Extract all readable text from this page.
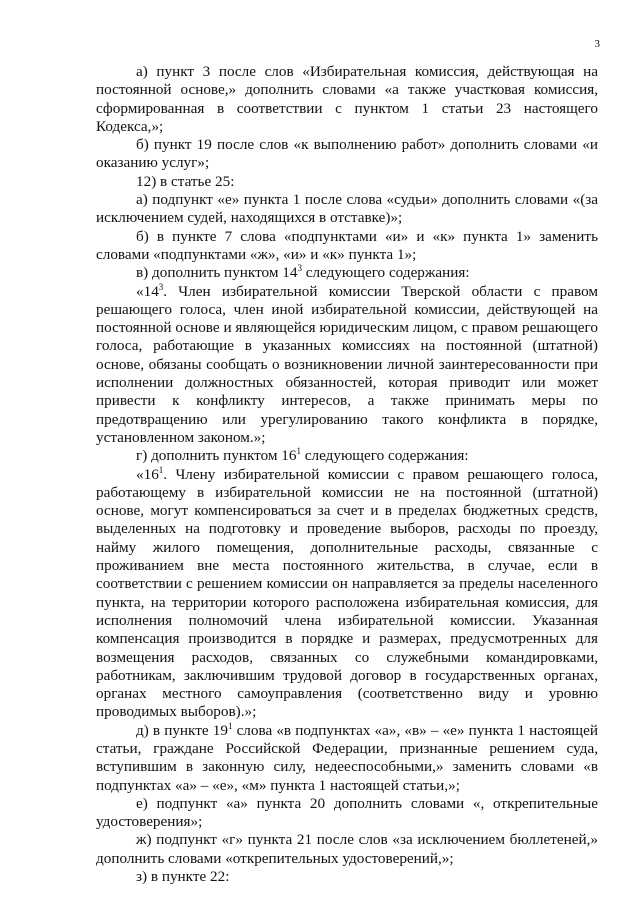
3

а) пункт 3 после слов «Избирательная комиссия, действующая на постоянной основе,» дополнить словами «а также участковая комиссия, сформированная в соответствии с пунктом 1 статьи 23 настоящего Кодекса,»;

б) пункт 19 после слов «к выполнению работ» дополнить словами «и оказанию услуг»;

12) в статье 25:

а) подпункт «е» пункта 1 после слова «судьи» дополнить словами «(за исключением судей, находящихся в отставке)»;

б) в пункте 7 слова «подпунктами «и» и «к» пункта 1» заменить словами «подпунктами «ж», «и» и «к» пункта 1»;

в) дополнить пунктом $14^3$ следующего содержания:

«$14^3$. Член избирательной комиссии Тверской области с правом решающего голоса, член иной избирательной комиссии, действующей на постоянной основе и являющейся юридическим лицом, с правом решающего голоса, работающие в указанных комиссиях на постоянной (штатной) основе, обязаны сообщать о возникновении личной заинтересованности при исполнении должностных обязанностей, которая приводит или может привести к конфликту интересов, а также принимать меры по предотвращению или урегулированию такого конфликта в порядке, установленном законом.»;

г) дополнить пунктом $16^1$ следующего содержания:

«$16^1$. Члену избирательной комиссии с правом решающего голоса, работающему в избирательной комиссии не на постоянной (штатной) основе, могут компенсироваться за счет и в пределах бюджетных средств, выделенных на подготовку и проведение выборов, расходы по проезду, найму жилого помещения, дополнительные расходы, связанные с проживанием вне места постоянного жительства, в случае, если в соответствии с решением комиссии он направляется за пределы населенного пункта, на территории которого расположена избирательная комиссия, для исполнения полномочий члена избирательной комиссии. Указанная компенсация производится в порядке и размерах, предусмотренных для возмещения расходов, связанных со служебными командировками, работникам, заключившим трудовой договор в государственных органах, органах местного самоуправления (соответственно виду и уровню проводимых выборов).»;

д) в пункте $19^1$ слова «в подпунктах «а», «в» – «е» пункта 1 настоящей статьи, граждане Российской Федерации, признанные решением суда, вступившим в законную силу, недееспособными,» заменить словами «в подпунктах «а» – «е», «м» пункта 1 настоящей статьи,»;

е) подпункт «а» пункта 20 дополнить словами «, открепительные удостоверения»;

ж) подпункт «г» пункта 21 после слов «за исключением бюллетеней,» дополнить словами «открепительных удостоверений,»;

з) в пункте 22:
